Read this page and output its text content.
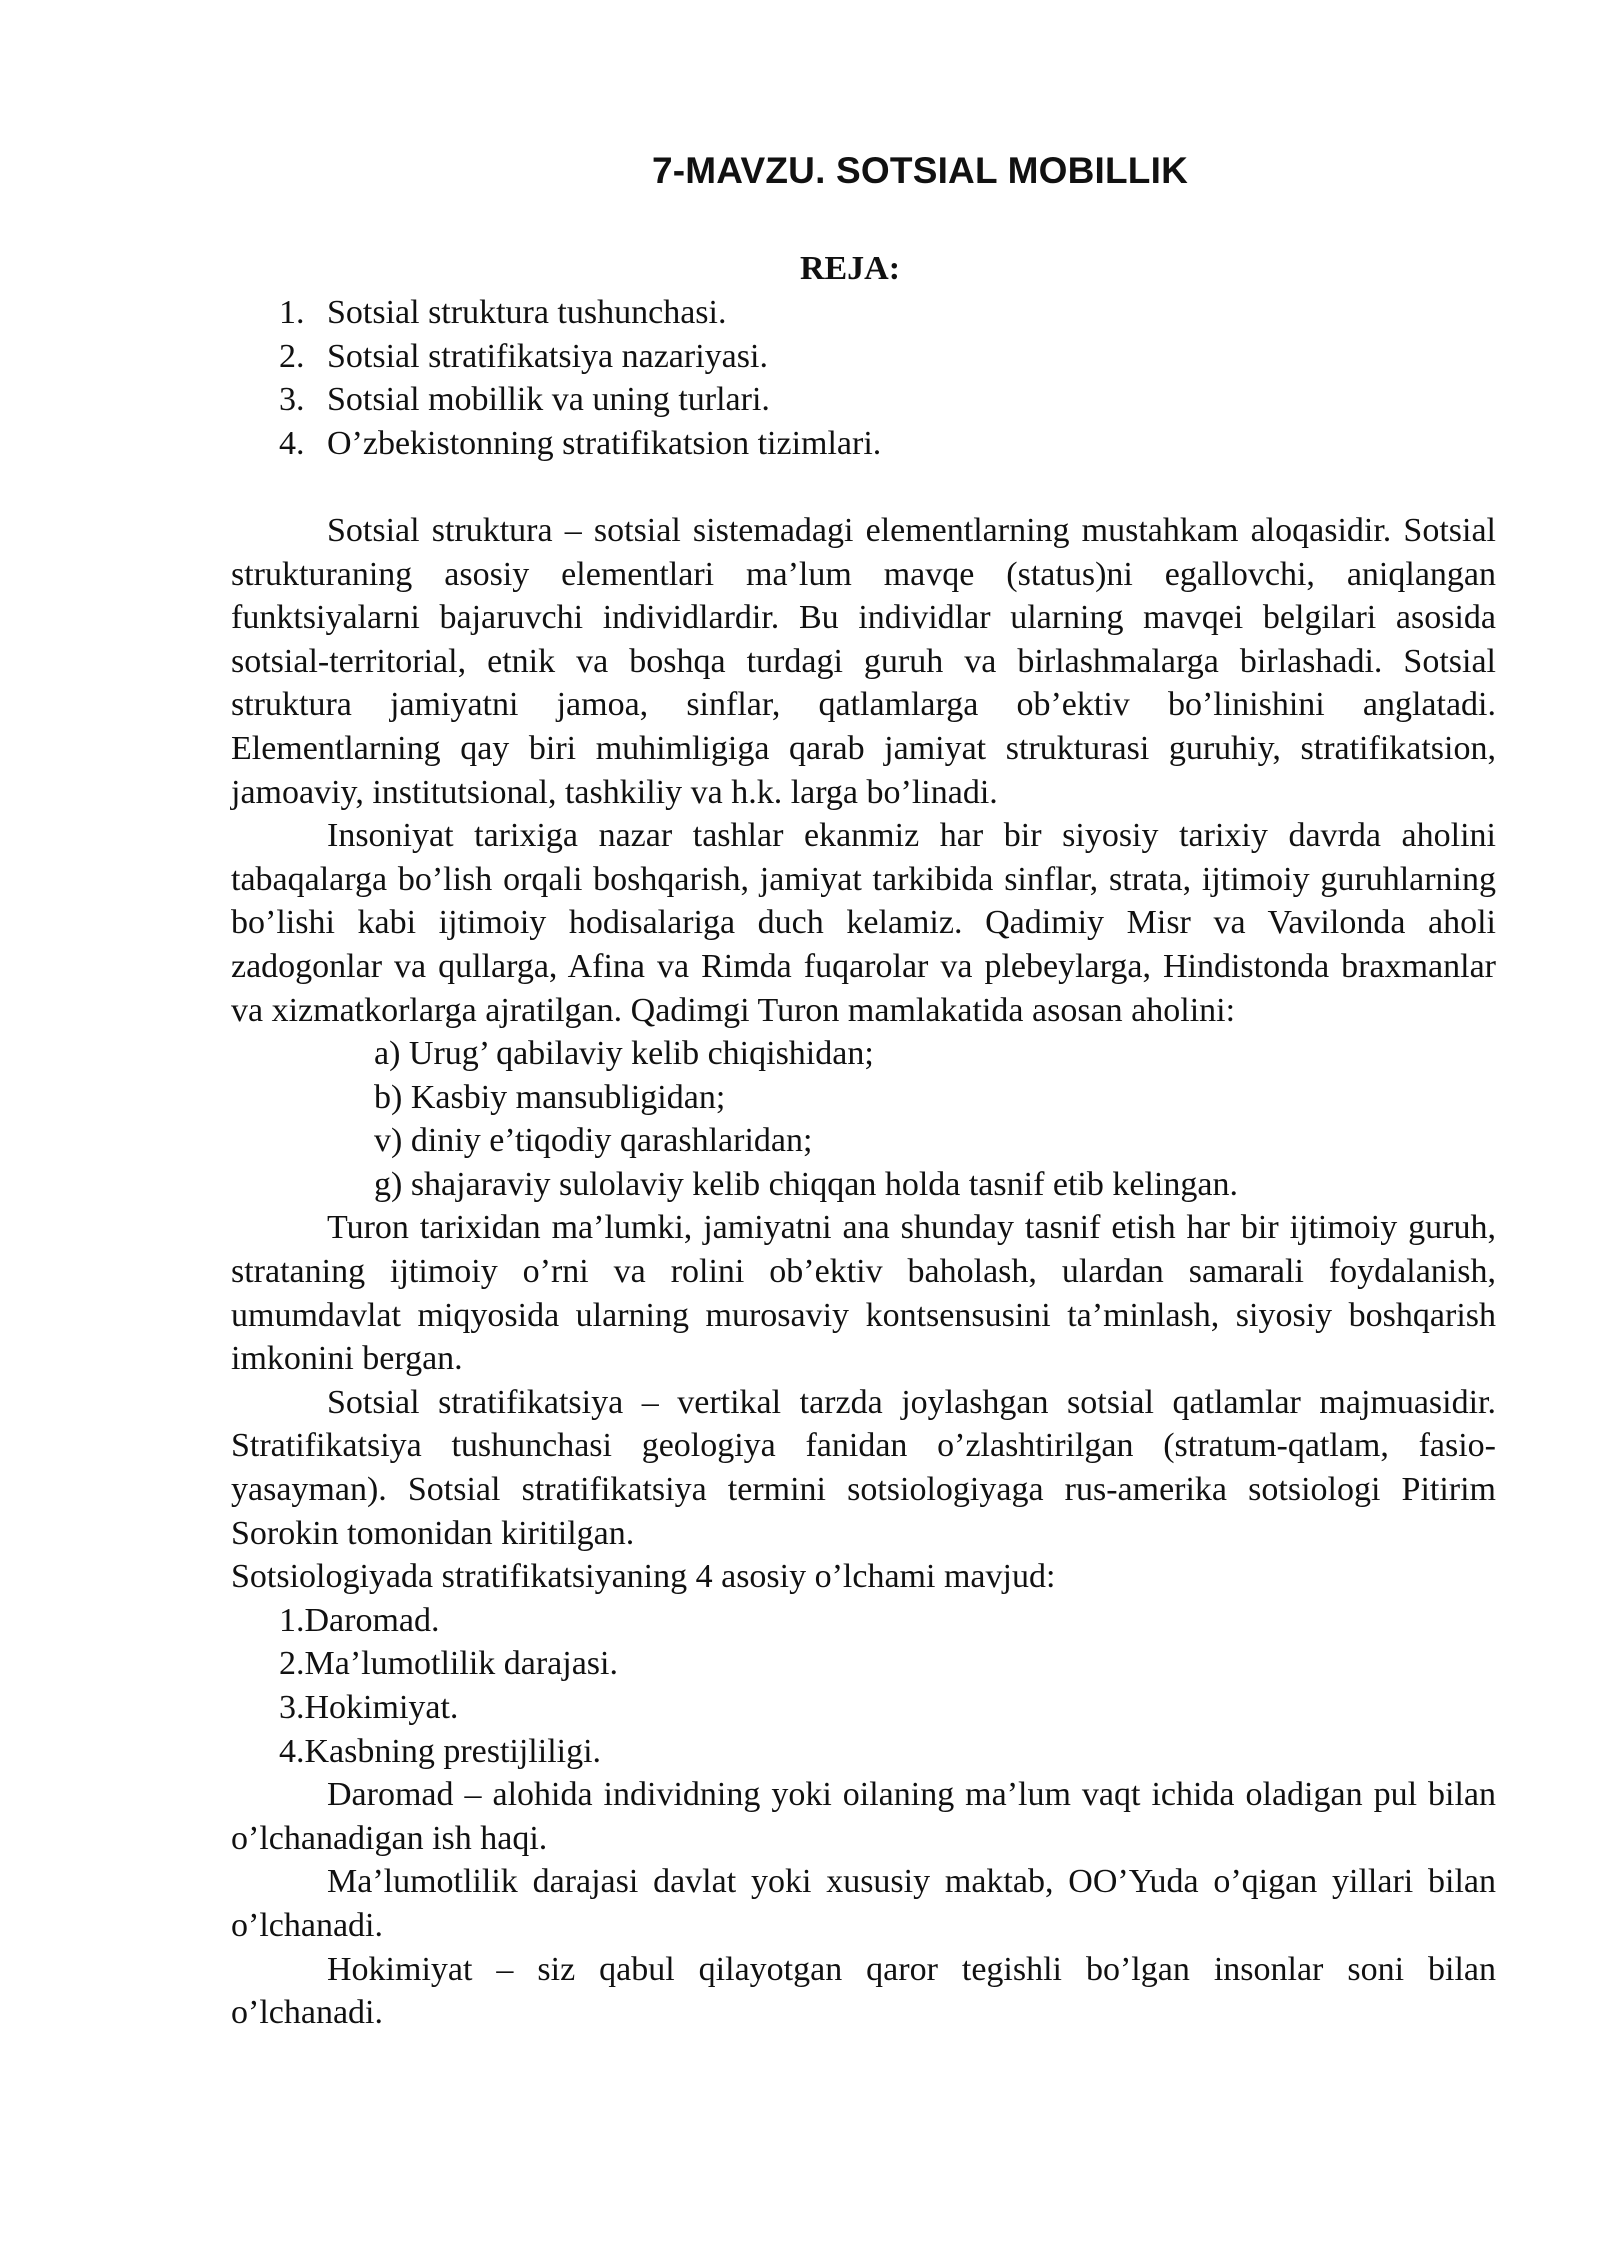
7-MAVZU. SOTSIAL MOBILLIK
REJA:

1. Sotsial struktura tushunchasi.

2. Sotsial stratifikatsiya nazariyasi.

3. Sotsial mobillik va uning turlari.

4. O’zbekistonning stratifikatsion tizimlari.

Sotsial struktura – sotsial sistemadagi elementlarning mustahkam aloqasidir. Sotsial strukturaning asosiy elementlari ma’lum mavqe (status)ni egallovchi, aniqlangan funktsiyalarni bajaruvchi individlardir. Bu individlar ularning mavqei belgilari asosida sotsial-territorial, etnik va boshqa turdagi guruh va birlashmalarga birlashadi. Sotsial struktura jamiyatni jamoa, sinflar, qatlamlarga ob’ektiv bo’linishini anglatadi. Elementlarning qay biri muhimligiga qarab jamiyat strukturasi guruhiy, stratifikatsion, jamoaviy, institutsional, tashkiliy va h.k. larga bo’linadi.

Insoniyat tarixiga nazar tashlar ekanmiz har bir siyosiy tarixiy davrda aholini tabaqalarga bo’lish orqali boshqarish, jamiyat tarkibida sinflar, strata, ijtimoiy guruhlarning bo’lishi kabi ijtimoiy hodisalariga duch kelamiz. Qadimiy Misr va Vavilonda aholi zadogonlar va qullarga, Afina va Rimda fuqarolar va plebeylarga, Hindistonda braxmanlar va xizmatkorlarga ajratilgan. Qadimgi Turon mamlakatida asosan aholini:

a) Urug’ qabilaviy kelib chiqishidan;

b) Kasbiy mansubligidan;

v) diniy e’tiqodiy qarashlaridan;

g) shajaraviy sulolaviy kelib chiqqan holda tasnif etib kelingan.

Turon tarixidan ma’lumki, jamiyatni ana shunday tasnif etish har bir ijtimoiy guruh, strataning ijtimoiy o’rni va rolini ob’ektiv baholash, ulardan samarali foydalanish, umumdavlat miqyosida ularning murosaviy kontsensusini ta’minlash, siyosiy boshqarish imkonini bergan.

Sotsial stratifikatsiya – vertikal tarzda joylashgan sotsial qatlamlar majmuasidir. Stratifikatsiya tushunchasi geologiya fanidan o’zlashtirilgan (stratum-qatlam, fasio-yasayman). Sotsial stratifikatsiya termini sotsiologiyaga rus-amerika sotsiologi Pitirim Sorokin tomonidan kiritilgan.

Sotsiologiyada stratifikatsiyaning 4 asosiy o’lchami mavjud:

1.Daromad.

2.Ma’lumotlilik darajasi.

3.Hokimiyat.

4.Kasbning prestijliligi.

Daromad – alohida individning yoki oilaning ma’lum vaqt ichida oladigan pul bilan o’lchanadigan ish haqi.

Ma’lumotlilik darajasi davlat yoki xususiy maktab, OO’Yuda o’qigan yillari bilan o’lchanadi.

Hokimiyat – siz qabul qilayotgan qaror tegishli bo’lgan insonlar soni bilan o’lchanadi.
